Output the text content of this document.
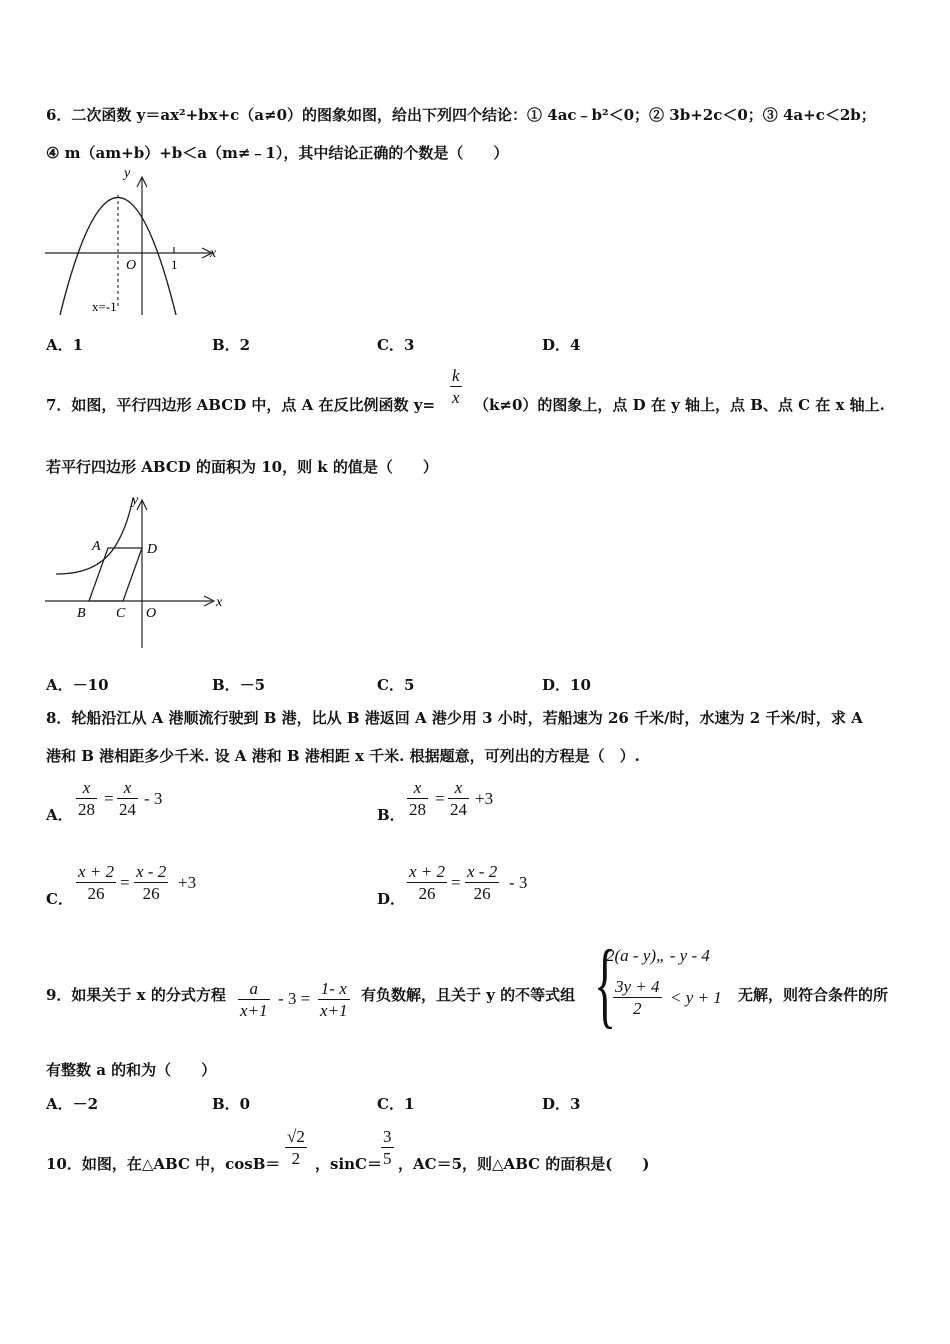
6．二次函数 y＝ax²+bx+c（a≠0）的图象如图，给出下列四个结论：① 4ac﹣b²＜0；② 3b+2c＜0；③ 4a+c＜2b；
④ m（am+b）+b＜a（m≠﹣1），其中结论正确的个数是（　　）
y
x
O	1
x=-1
A．1	B．2	C．3	D．4
7．如图，平行四边形 ABCD 中，点 A 在反比例函数 $y= \frac{k}{x} (k\ne 0)$的图象上，点 D 在 y 轴上，点 B、点 C 在 x 轴上.
若平行四边形 ABCD 的面积为 10，则 k 的值是（　　）
y
x
A	D
B C O
A．－10	B．－5	C．5	D．10
8．轮船沿江从 A 港顺流行驶到 B 港，比从 B 港返回 A 港少用 3 小时，若船速为 26 千米/时，水速为 2 千米/时，求 A
港和 B 港相距多少千米. 设 A 港和 B 港相距 x 千米. 根据题意，可列出的方程是（　）.
A． $\frac{x}{28} = \frac{x}{24} - 3$
B． $\frac{x}{28} = \frac{x}{24} +3$
C． $\frac{x + 2}{26} = \frac{x - 2}{26} +3$
D． $\frac{x + 2}{26} = \frac{x - 2}{26} - 3$
9．如果关于 x 的分式方程 $\frac{a}{x+1} - 3 = \frac{1- x}{x+1}$ 有负数解，且关于 y 的不等式组 {
2(a - y)„ - y - 4
$\frac{3y + 4}{2} < y + 1$ 无解，则符合条件的所
有整数 a 的和为（　　）
A．－2	B．0	C．1	D．3
10．如图，在△ABC 中，$\cos B= \frac{√2}{2}$ ，$\sin C= \frac{3}{5}$ ，AC＝5，则△ABC 的面积是(　　)
